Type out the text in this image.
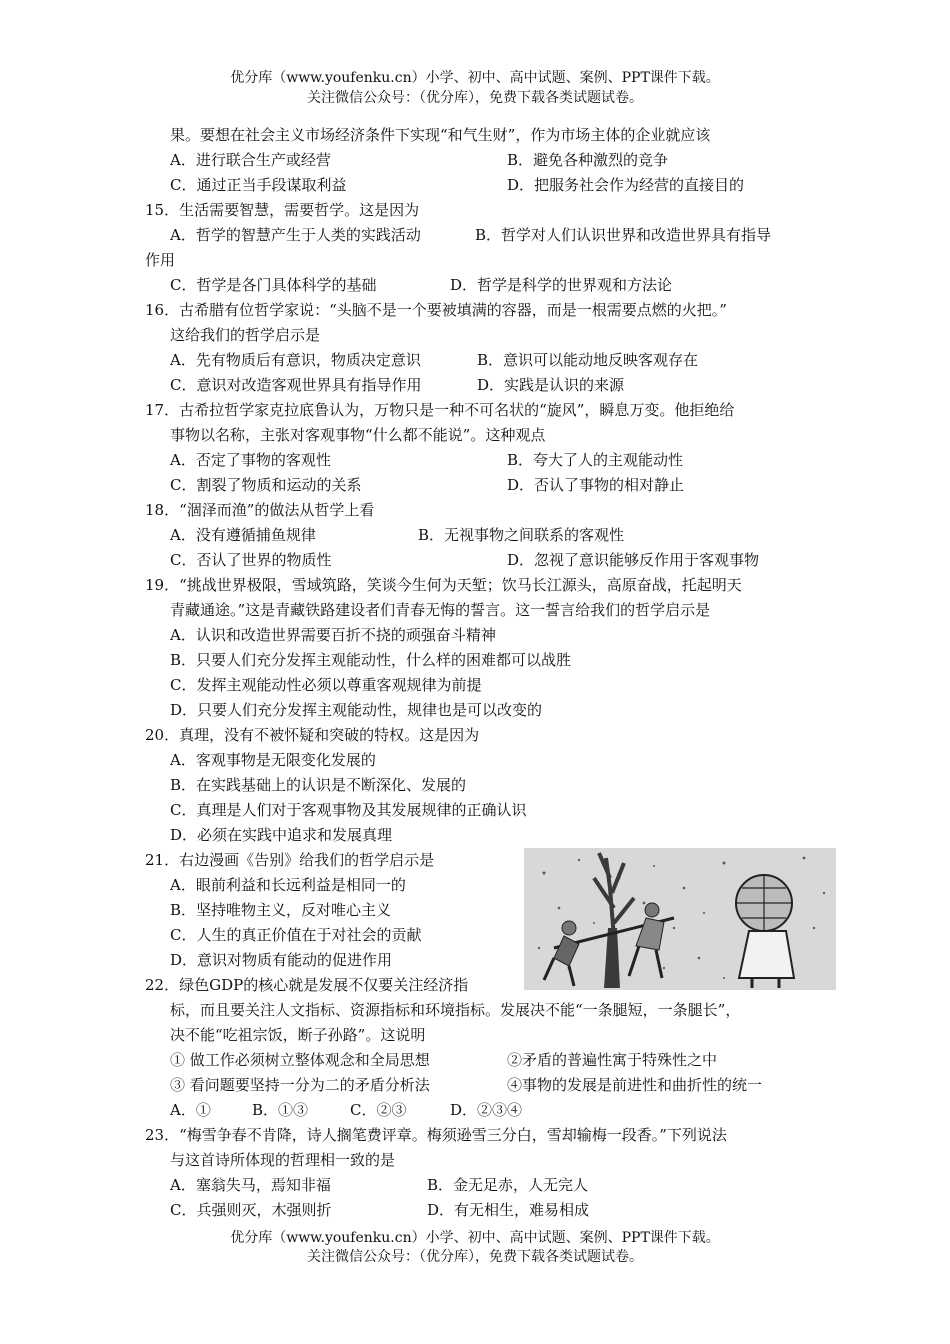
优分库（www.youfenku.cn）小学、初中、高中试题、案例、PPT课件下载。
关注微信公众号：（优分库），免费下载各类试题试卷。
果。要想在社会主义市场经济条件下实现“和气生财”，作为市场主体的企业就应该
A．进行联合生产或经营	B．避免各种激烈的竞争
C．通过正当手段谋取利益	D．把服务社会作为经营的直接目的
15．生活需要智慧，需要哲学。这是因为
A．哲学的智慧产生于人类的实践活动	B．哲学对人们认识世界和改造世界具有指导
作用
C．哲学是各门具体科学的基础	D．哲学是科学的世界观和方法论
16．古希腊有位哲学家说：“头脑不是一个要被填满的容器，而是一根需要点燃的火把。”
这给我们的哲学启示是
A．先有物质后有意识，物质决定意识	B．意识可以能动地反映客观存在
C．意识对改造客观世界具有指导作用	D．实践是认识的来源
17．古希拉哲学家克拉底鲁认为，万物只是一种不可名状的“旋风”，瞬息万变。他拒绝给
事物以名称，主张对客观事物“什么都不能说”。这种观点
A．否定了事物的客观性	B．夸大了人的主观能动性
C．割裂了物质和运动的关系	D．否认了事物的相对静止
18．“涸泽而渔”的做法从哲学上看
A．没有遵循捕鱼规律	B．无视事物之间联系的客观性
C．否认了世界的物质性	D．忽视了意识能够反作用于客观事物
19．“挑战世界极限，雪域筑路，笑谈今生何为天堑；饮马长江源头，高原奋战，托起明天
青藏通途。”这是青藏铁路建设者们青春无悔的誓言。这一誓言给我们的哲学启示是
A．认识和改造世界需要百折不挠的顽强奋斗精神
B．只要人们充分发挥主观能动性，什么样的困难都可以战胜
C．发挥主观能动性必须以尊重客观规律为前提
D．只要人们充分发挥主观能动性，规律也是可以改变的
20．真理，没有不被怀疑和突破的特权。这是因为
A．客观事物是无限变化发展的
B．在实践基础上的认识是不断深化、发展的
C．真理是人们对于客观事物及其发展规律的正确认识
D．必须在实践中追求和发展真理
21．右边漫画《告别》给我们的哲学启示是
A．眼前利益和长远利益是相同一的
B．坚持唯物主义，反对唯心主义
C．人生的真正价值在于对社会的贡献
D．意识对物质有能动的促进作用
22．绿色GDP的核心就是发展不仅要关注经济指
标，而且要关注人文指标、资源指标和环境指标。发展决不能“一条腿短，一条腿长”，
决不能“吃祖宗饭，断子孙路”。这说明
① 做工作必须树立整体观念和全局思想	②矛盾的普遍性寓于特殊性之中
③ 看问题要坚持一分为二的矛盾分析法	④事物的发展是前进性和曲折性的统一
A．①	B．①③	C．②③	D．②③④
23．“梅雪争春不肯降，诗人搁笔费评章。梅须逊雪三分白，雪却输梅一段香。”下列说法
与这首诗所体现的哲理相一致的是
A．塞翁失马，焉知非福	B．金无足赤，人无完人
C．兵强则灭，木强则折	D．有无相生，难易相成
优分库（www.youfenku.cn）小学、初中、高中试题、案例、PPT课件下载。
关注微信公众号：（优分库），免费下载各类试题试卷。
